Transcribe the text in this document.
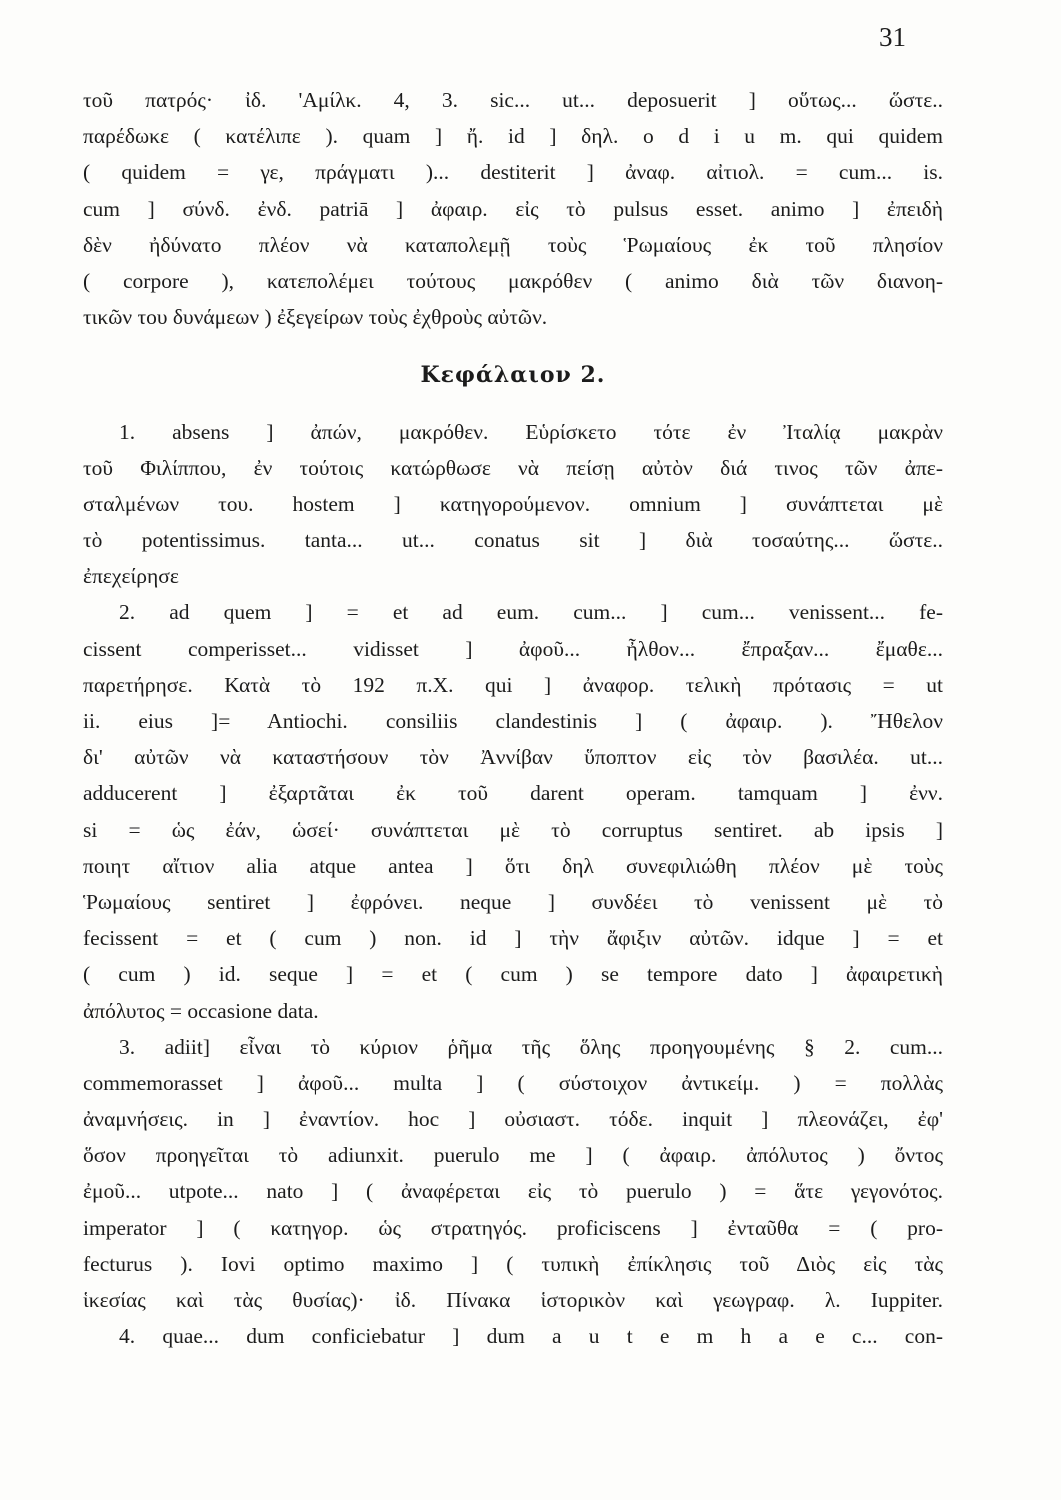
31
τοῦ πατρός· ἰδ. 'Αμίλκ. 4, 3. sic... ut... deposuerit ] οὕτως... ὥστε..
παρέδωκε ( κατέλιπε ). quam ] ἤ. id ] δηλ. o d i u m. qui quidem
( quidem = γε, πράγματι )... destiterit ] ἀναφ. αἰτιολ. = cum... is.
cum ] σύνδ. ἐνδ. patriā ] ἀφαιρ. εἰς τὸ pulsus esset. animo ] ἐπειδὴ
δὲν ἠδύνατο πλέον νὰ καταπολεμῇ τοὺς Ῥωμαίους ἐκ τοῦ πλησίον
( corpore ), κατεπολέμει τούτους μακρόθεν ( animo διὰ τῶν διανοη-
τικῶν του δυνάμεων ) ἐξεγείρων τοὺς ἐχθροὺς αὐτῶν.
Κεφάλαιον 2.
1. absens ] ἀπών, μακρόθεν. Εὑρίσκετο τότε ἐν Ἰταλίᾳ μακρὰν
τοῦ Φιλίππου, ἐν τούτοις κατώρθωσε νὰ πείσῃ αὐτὸν διά τινος τῶν ἀπε-
σταλμένων του. hostem ] κατηγορούμενον. omnium ] συνάπτεται μὲ
τὸ potentissimus. tanta... ut... conatus sit ] διὰ τοσαύτης... ὥστε..
ἐπεχείρησε
2. ad quem ] = et ad eum. cum... ] cum... venissent... fe-
cissent comperisset... vidisset ] ἀφοῦ... ἦλθον... ἔπραξαν... ἔμαθε...
παρετήρησε. Κατὰ τὸ 192 π.Χ. qui ] ἀναφορ. τελικὴ πρότασις = ut
ii. eius ]= Antiochi. consiliis clandestinis ] ( ἀφαιρ. ). Ἤθελον
δι' αὐτῶν νὰ καταστήσουν τὸν Ἀννίβαν ὕποπτον εἰς τὸν βασιλέα. ut...
adducerent ] ἐξαρτᾶται ἐκ τοῦ darent operam. tamquam ] ἐνν.
si = ὡς ἐάν, ὡσεί· συνάπτεται μὲ τὸ corruptus sentiret. ab ipsis ]
ποιητ αἴτιον alia atque antea ] ὅτι δηλ συνεφιλιώθη πλέον μὲ τοὺς
Ῥωμαίους sentiret ] ἐφρόνει. neque ] συνδέει τὸ venissent μὲ τὸ
fecissent = et ( cum ) non. id ] τὴν ἄφιξιν αὐτῶν. idque ] = et
( cum ) id. seque ] = et ( cum ) se tempore dato ] ἀφαιρετικὴ
ἀπόλυτος = occasione data.
3. adiit] εἶναι τὸ κύριον ῥῆμα τῆς ὅλης προηγουμένης § 2. cum...
commemorasset ] ἀφοῦ... multa ] ( σύστοιχον ἀντικείμ. ) = πολλὰς
ἀναμνήσεις. in ] ἐναντίον. hoc ] οὐσιαστ. τόδε. inquit ] πλεονάζει, ἐφ'
ὅσον προηγεῖται τὸ adiunxit. puerulo me ] ( ἀφαιρ. ἀπόλυτος ) ὄντος
ἐμοῦ... utpote... nato ] ( ἀναφέρεται εἰς τὸ puerulo ) = ἅτε γεγονότος.
imperator ] ( κατηγορ. ὡς στρατηγός. proficiscens ] ἐνταῦθα = ( pro-
fecturus ). Iovi optimo maximo ] ( τυπικὴ ἐπίκλησις τοῦ Διὸς εἰς τὰς
ἱκεσίας καὶ τὰς θυσίας)· ἰδ. Πίνακα ἱστορικὸν καὶ γεωγραφ. λ. Iuppiter.
4. quae... dum conficiebatur ] dum a u t e m h a e c... con-
